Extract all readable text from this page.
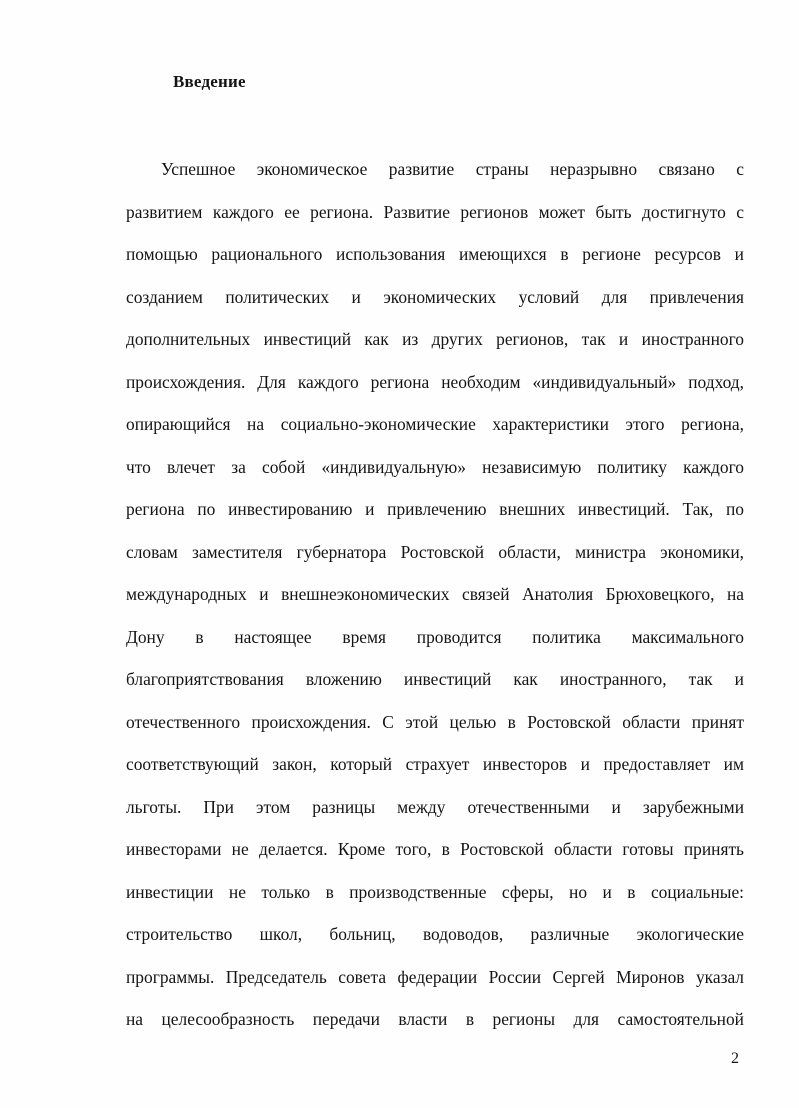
Введение
Успешное экономическое развитие страны неразрывно связано с
развитием каждого ее региона. Развитие регионов может быть достигнуто с
помощью рационального использования имеющихся в регионе ресурсов и
созданием политических и экономических условий для привлечения
дополнительных инвестиций как из других регионов, так и иностранного
происхождения. Для каждого региона необходим «индивидуальный» подход,
опирающийся на социально-экономические характеристики этого региона,
что влечет за собой «индивидуальную» независимую политику каждого
региона по инвестированию и привлечению внешних инвестиций. Так, по
словам заместителя губернатора Ростовской области, министра экономики,
международных и внешнеэкономических связей Анатолия Брюховецкого, на
Дону в настоящее время проводится политика максимального
благоприятствования вложению инвестиций как иностранного, так и
отечественного происхождения. С этой целью в Ростовской области принят
соответствующий закон, который страхует инвесторов и предоставляет им
льготы. При этом разницы между отечественными и зарубежными
инвесторами не делается. Кроме того, в Ростовской области готовы принять
инвестиции не только в производственные сферы, но и в социальные:
строительство школ, больниц, водоводов, различные экологические
программы. Председатель совета федерации России Сергей Миронов указал
на целесообразность передачи власти в регионы для самостоятельной

2
